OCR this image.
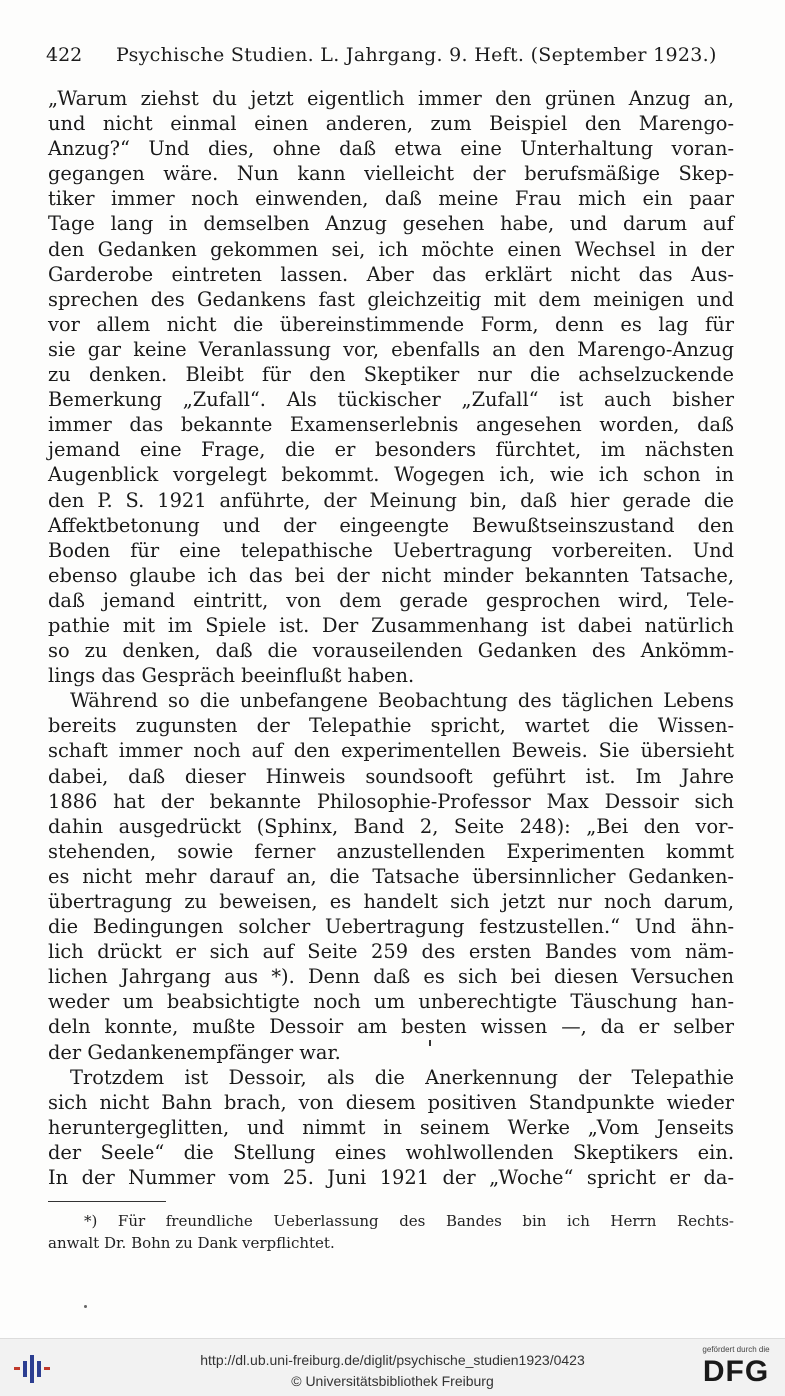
422 Psychische Studien. L. Jahrgang. 9. Heft. (September 1923.)
„Warum ziehst du jetzt eigentlich immer den grünen Anzug an,
und nicht einmal einen anderen, zum Beispiel den Marengo-
Anzug?“ Und dies, ohne daß etwa eine Unterhaltung voran-
gegangen wäre. Nun kann vielleicht der berufsmäßige Skep-
tiker immer noch einwenden, daß meine Frau mich ein paar
Tage lang in demselben Anzug gesehen habe, und darum auf
den Gedanken gekommen sei, ich möchte einen Wechsel in der
Garderobe eintreten lassen. Aber das erklärt nicht das Aus-
sprechen des Gedankens fast gleichzeitig mit dem meinigen und
vor allem nicht die übereinstimmende Form, denn es lag für
sie gar keine Veranlassung vor, ebenfalls an den Marengo-Anzug
zu denken. Bleibt für den Skeptiker nur die achselzuckende
Bemerkung „Zufall“. Als tückischer „Zufall“ ist auch bisher
immer das bekannte Examenserlebnis angesehen worden, daß
jemand eine Frage, die er besonders fürchtet, im nächsten
Augenblick vorgelegt bekommt. Wogegen ich, wie ich schon in
den P. S. 1921 anführte, der Meinung bin, daß hier gerade die
Affektbetonung und der eingeengte Bewußtseinszustand den
Boden für eine telepathische Uebertragung vorbereiten. Und
ebenso glaube ich das bei der nicht minder bekannten Tatsache,
daß jemand eintritt, von dem gerade gesprochen wird, Tele-
pathie mit im Spiele ist. Der Zusammenhang ist dabei natürlich
so zu denken, daß die vorauseilenden Gedanken des Ankömm-
lings das Gespräch beeinflußt haben.
Während so die unbefangene Beobachtung des täglichen Lebens
bereits zugunsten der Telepathie spricht, wartet die Wissen-
schaft immer noch auf den experimentellen Beweis. Sie übersieht
dabei, daß dieser Hinweis soundsooft geführt ist. Im Jahre
1886 hat der bekannte Philosophie-Professor Max Dessoir sich
dahin ausgedrückt (Sphinx, Band 2, Seite 248): „Bei den vor-
stehenden, sowie ferner anzustellenden Experimenten kommt
es nicht mehr darauf an, die Tatsache übersinnlicher Gedanken-
übertragung zu beweisen, es handelt sich jetzt nur noch darum,
die Bedingungen solcher Uebertragung festzustellen.“ Und ähn-
lich drückt er sich auf Seite 259 des ersten Bandes vom näm-
lichen Jahrgang aus *). Denn daß es sich bei diesen Versuchen
weder um beabsichtigte noch um unberechtigte Täuschung han-
deln konnte, mußte Dessoir am besten wissen —, da er selber
der Gedankenempfänger war.
Trotzdem ist Dessoir, als die Anerkennung der Telepathie
sich nicht Bahn brach, von diesem positiven Standpunkte wieder
heruntergeglitten, und nimmt in seinem Werke „Vom Jenseits
der Seele“ die Stellung eines wohlwollenden Skeptikers ein.
In der Nummer vom 25. Juni 1921 der „Woche“ spricht er da-
*) Für freundliche Ueberlassung des Bandes bin ich Herrn Rechts-
anwalt Dr. Bohn zu Dank verpflichtet.
http://dl.ub.uni-freiburg.de/diglit/psychische_studien1923/0423
© Universitätsbibliothek Freiburg
gefördert durch die
DFG
